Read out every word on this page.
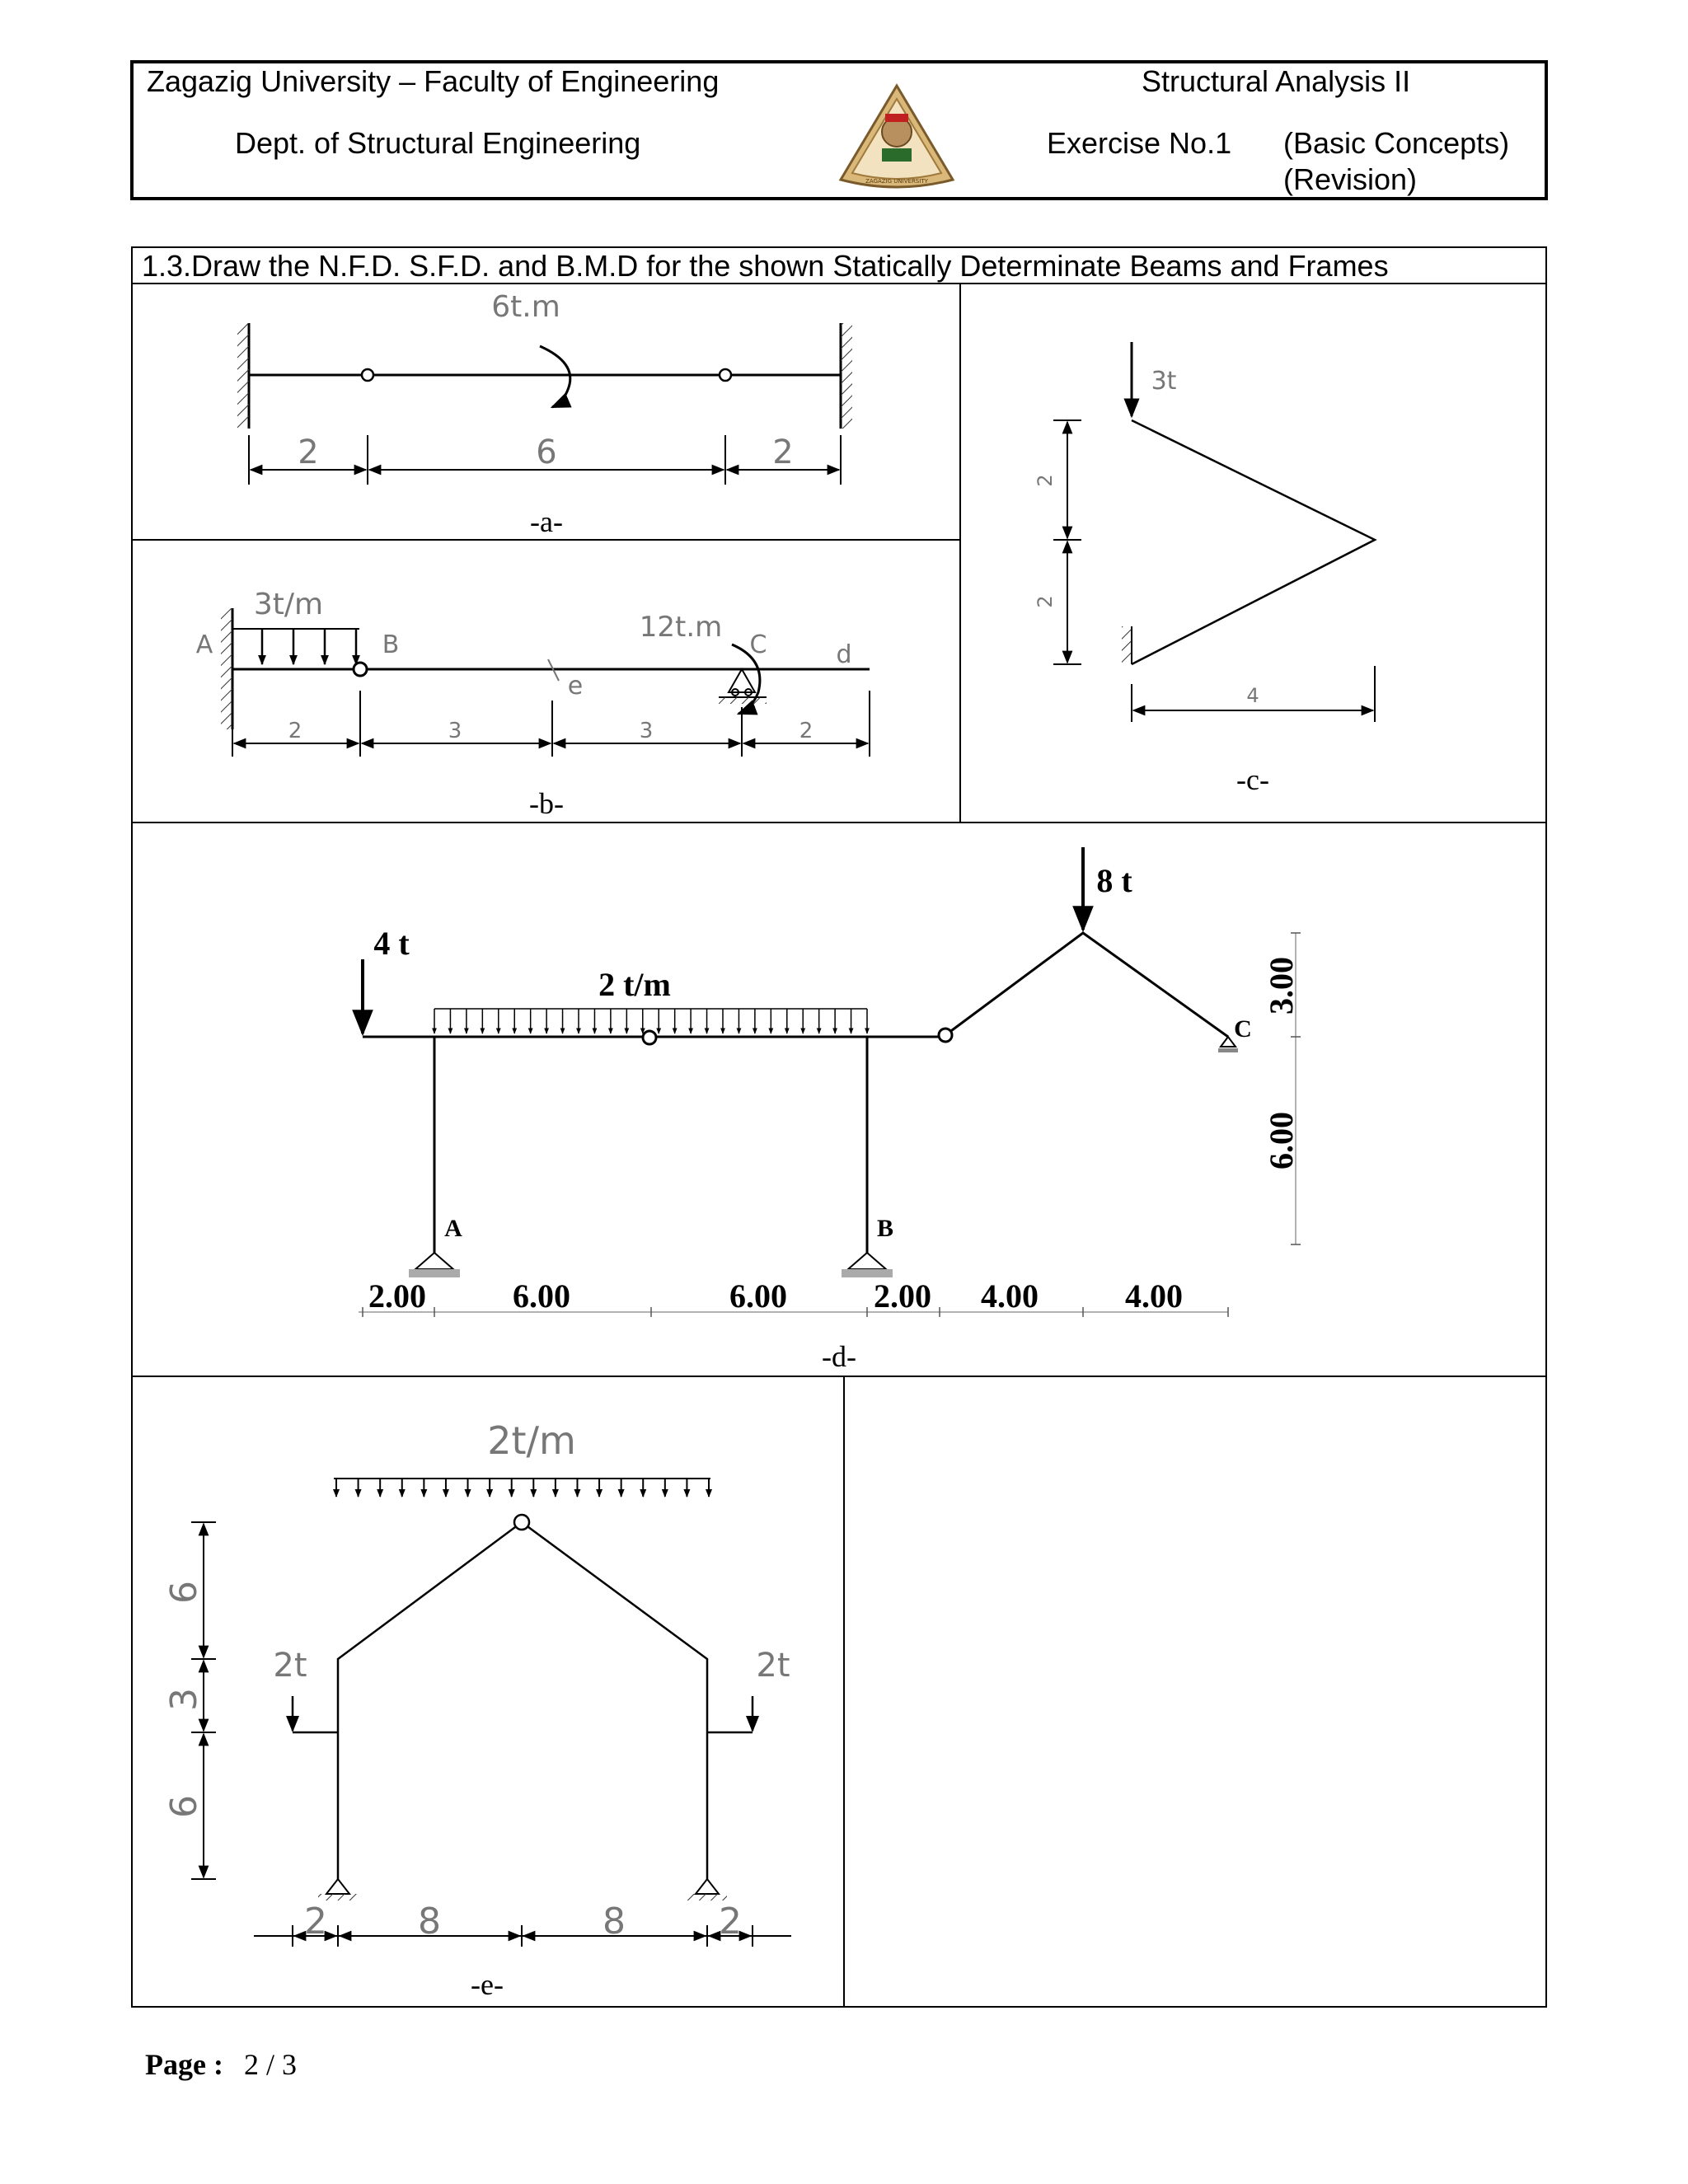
Zagazig University – Faculty of Engineering
Dept. of Structural Engineering
Structural Analysis II
Exercise No.1 (Basic Concepts)
(Revision)
1.3.Draw the N.F.D. S.F.D. and B.M.D for the shown Statically Determinate Beams and Frames
ZAGAZIG UNIVERSITY
6t.m
2	6	2
-a-
3t/m
A	B
e
12t.m
C	d
2	3	3	2
-b-
3t
2
2
4
-c-
4 t
8 t
2 t/m
A	B
C
2.00	6.00	6.00	2.00 4.00	4.00
3.00
6.00
-d-
2t/m
2t	2t
6
3
6
2	8	8	2
-e-
Page : 2 / 3
